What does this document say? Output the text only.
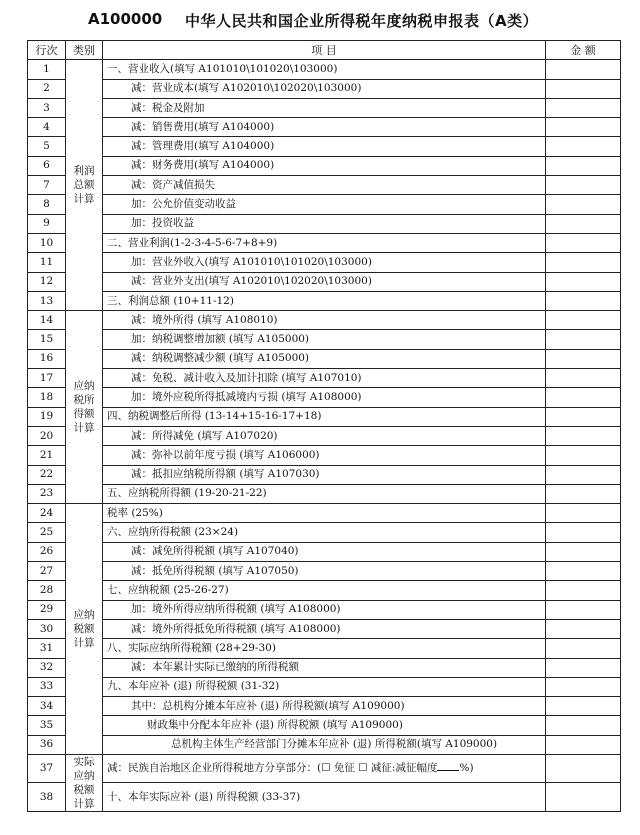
A100000 中华人民共和国企业所得税年度纳税申报表（A类）
行次	类别	项 目	金 额
1	利润总额计算	一、营业收入(填写 A101010\101020\103000)	
2		减：营业成本(填写 A102010\102020\103000)	
3		减：税金及附加	
4		减：销售费用(填写 A104000)	
5		减：管理费用(填写 A104000)	
6		减：财务费用(填写 A104000)	
7		减：资产减值损失	
8		加：公允价值变动收益	
9		加：投资收益	
10		二、营业利润(1-2-3-4-5-6-7+8+9)	
11		加：营业外收入(填写 A101010\101020\103000)	
12		减：营业外支出(填写 A102010\102020\103000)	
13		三、利润总额 (10+11-12)	
14	应纳税所得额计算	减：境外所得 (填写 A108010)	
15		加：纳税调整增加额 (填写 A105000)	
16		减：纳税调整减少额 (填写 A105000)	
17		减：免税、减计收入及加计扣除 (填写 A107010)	
18		加：境外应税所得抵减境内亏损 (填写 A108000)	
19		四、纳税调整后所得 (13-14+15-16-17+18)	
20		减：所得减免 (填写 A107020)	
21		减：弥补以前年度亏损 (填写 A106000)	
22		减：抵扣应纳税所得额 (填写 A107030)	
23		五、应纳税所得额 (19-20-21-22)	
24	应纳税额计算	税率 (25%)	
25		六、应纳所得税额 (23×24)	
26		减：减免所得税额 (填写 A107040)	
27		减：抵免所得税额 (填写 A107050)	
28		七、应纳税额 (25-26-27)	
29		加：境外所得应纳所得税额 (填写 A108000)	
30		减：境外所得抵免所得税额 (填写 A108000)	
31		八、实际应纳所得税额 (28+29-30)	
32		减：本年累计实际已缴纳的所得税额	
33		九、本年应补 (退) 所得税额 (31-32)	
34		其中：总机构分摊本年应补 (退) 所得税额(填写 A109000)	
35		财政集中分配本年应补 (退) 所得税额 (填写 A109000)	
36		总机构主体生产经营部门分摊本年应补 (退) 所得税额(填写 A109000)	
37	实际应纳税额计算	减：民族自治地区企业所得税地方分享部分：(☐ 免征 ☐ 减征:减征幅度 %)	
38		十、本年实际应补 (退) 所得税额 (33-37)	
